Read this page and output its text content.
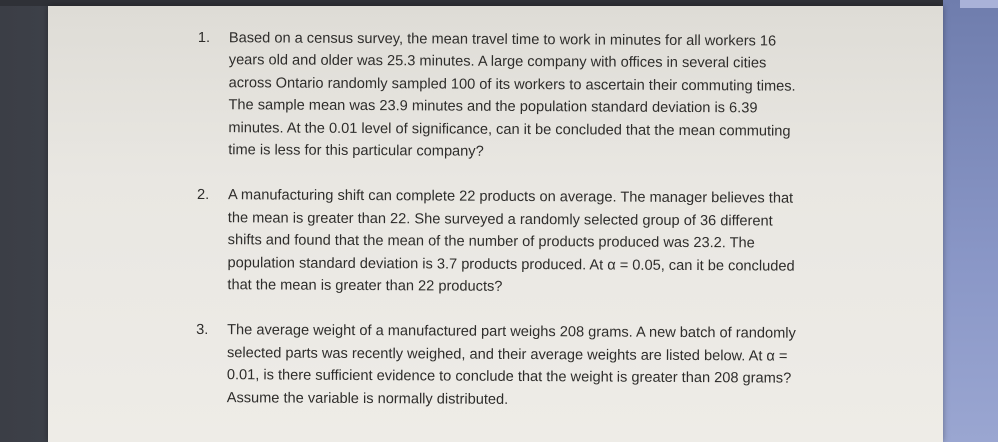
1.	Based on a census survey, the mean travel time to work in minutes for all workers 16
years old and older was 25.3 minutes. A large company with offices in several cities
across Ontario randomly sampled 100 of its workers to ascertain their commuting times.
The sample mean was 23.9 minutes and the population standard deviation is 6.39
minutes. At the 0.01 level of significance, can it be concluded that the mean commuting
time is less for this particular company?
2.	A manufacturing shift can complete 22 products on average. The manager believes that
the mean is greater than 22. She surveyed a randomly selected group of 36 different
shifts and found that the mean of the number of products produced was 23.2. The
population standard deviation is 3.7 products produced. At α = 0.05, can it be concluded
that the mean is greater than 22 products?
3.	The average weight of a manufactured part weighs 208 grams. A new batch of randomly
selected parts was recently weighed, and their average weights are listed below. At α =
0.01, is there sufficient evidence to conclude that the weight is greater than 208 grams?
Assume the variable is normally distributed.
